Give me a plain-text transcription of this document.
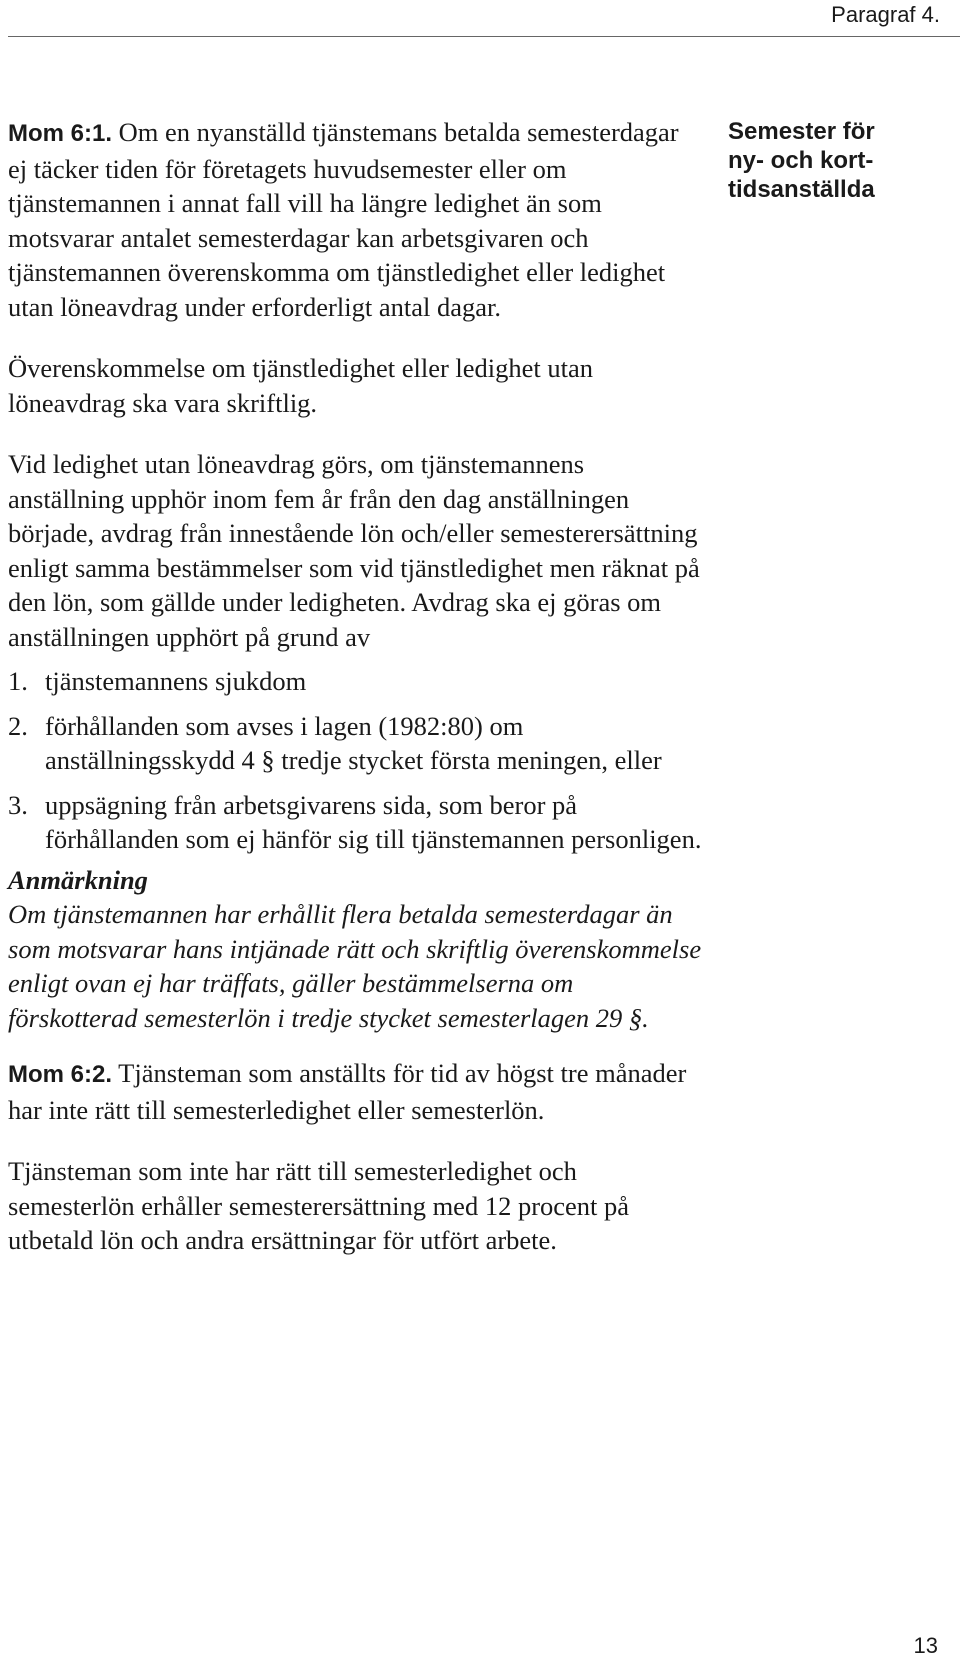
Paragraf 4.
Semester för
ny- och kort-
tidsanställda

Mom 6:1. Om en nyanställd tjänstemans betalda semesterdagar ej täcker tiden för företagets huvudsemester eller om tjänstemannen i annat fall vill ha längre ledighet än som motsvarar antalet semesterdagar kan arbetsgivaren och tjänstemannen överenskomma om tjänstledighet eller ledighet utan löneavdrag under erforderligt antal dagar.

Överenskommelse om tjänstledighet eller ledighet utan löneavdrag ska vara skriftlig.

Vid ledighet utan löneavdrag görs, om tjänstemannens anställning upphör inom fem år från den dag anställningen började, avdrag från innestående lön och/eller semesterersättning enligt samma bestämmelser som vid tjänstledighet men räknat på den lön, som gällde under ledigheten. Avdrag ska ej göras om anställningen upphört på grund av

1. tjänstemannens sjukdom

2. förhållanden som avses i lagen (1982:80) om anställningsskydd 4 § tredje stycket första meningen, eller

3. uppsägning från arbetsgivarens sida, som beror på förhållanden som ej hänför sig till tjänstemannen personligen.

Anmärkning

Om tjänstemannen har erhållit flera betalda semesterdagar än som motsvarar hans intjänade rätt och skriftlig överenskommelse enligt ovan ej har träffats, gäller bestämmelserna om förskotterad semesterlön i tredje stycket semesterlagen 29 §.

Mom 6:2. Tjänsteman som anställts för tid av högst tre månader har inte rätt till semesterledighet eller semesterlön.

Tjänsteman som inte har rätt till semesterledighet och semesterlön erhåller semesterersättning med 12 procent på utbetald lön och andra ersättningar för utfört arbete.

13
